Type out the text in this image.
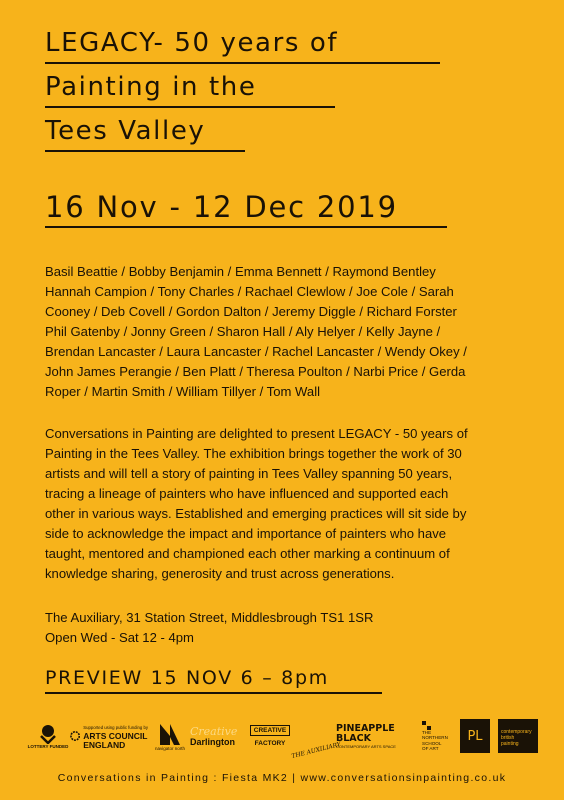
LEGACY- 50 years of
Painting in the
Tees Valley
16 Nov - 12 Dec 2019
Basil Beattie / Bobby Benjamin / Emma Bennett / Raymond Bentley
Hannah Campion / Tony Charles / Rachael Clewlow / Joe Cole / Sarah
Cooney / Deb Covell / Gordon Dalton / Jeremy Diggle / Richard Forster
Phil Gatenby / Jonny Green / Sharon Hall / Aly Helyer / Kelly Jayne /
Brendan Lancaster / Laura Lancaster / Rachel Lancaster / Wendy Okey /
John James Perangie / Ben Platt / Theresa Poulton / Narbi Price / Gerda
Roper / Martin Smith / William Tillyer / Tom Wall
Conversations in Painting are delighted to present LEGACY - 50 years of
Painting in the Tees Valley. The exhibition brings together the work of 30
artists and will tell a story of painting in Tees Valley spanning 50 years,
tracing a lineage of painters who have influenced and supported each
other in various ways. Established and emerging practices will sit side by
side to acknowledge the impact and importance of painters who have
taught, mentored and championed each other marking a continuum of
knowledge sharing, generosity and trust across generations.
The Auxiliary, 31 Station Street, Middlesbrough TS1 1SR
Open Wed - Sat 12 - 4pm
PREVIEW 15 NOV 6 – 8pm
LOTTERY FUNDED
Supported using public funding by
ARTS COUNCIL
ENGLAND	navigator north
Creative
Darlington
CREATIVE
FACTORY THE AUXILIARY
PINEAPPLE
BLACK
CONTEMPORARY ARTS SPACE
THE
NORTHERN
SCHOOL
OF ART
PL	contemporary
british
painting
Conversations in Painting : Fiesta MK2 | www.conversationsinpainting.co.uk
